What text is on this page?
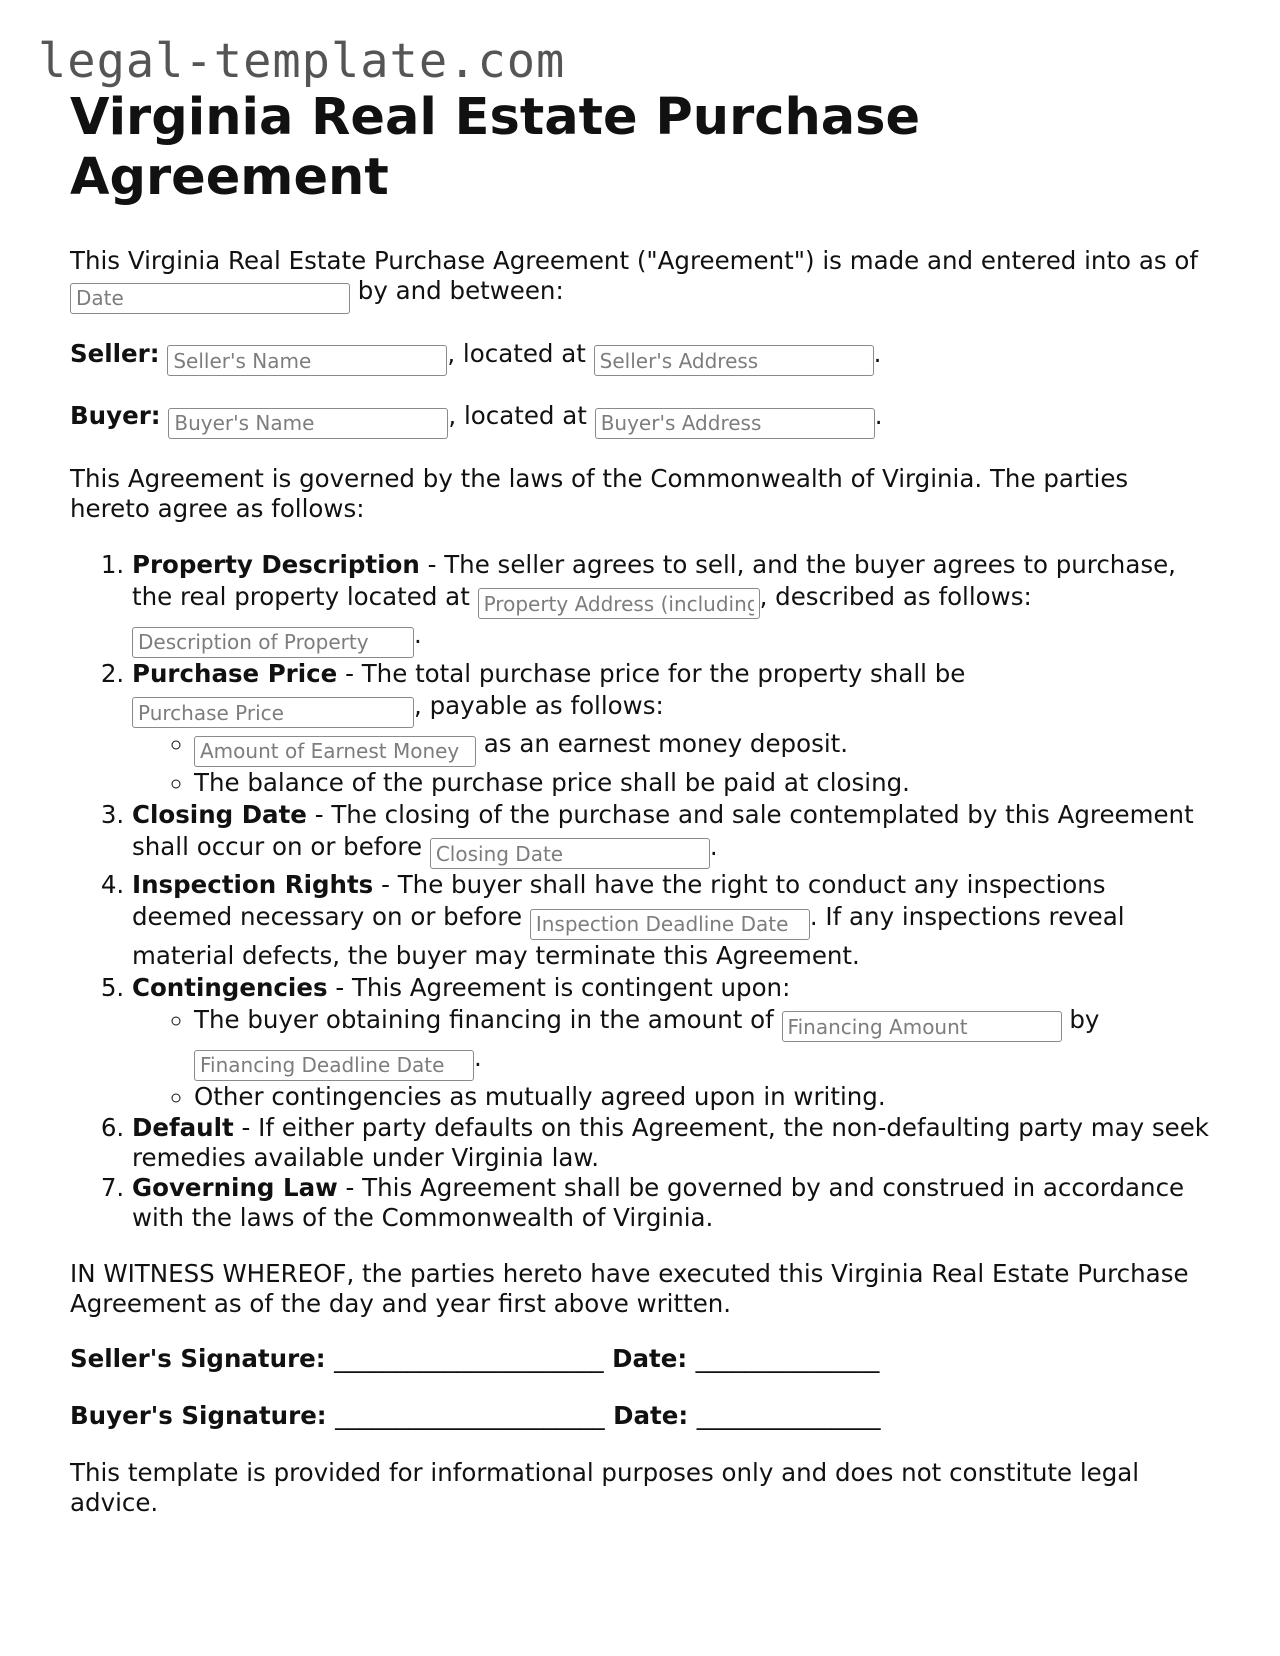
legal-template.com
Virginia Real Estate Purchase Agreement

This Virginia Real Estate Purchase Agreement ("Agreement") is made and entered into as of Date by and between:

Seller: Seller's Name	, located at Seller's Address	.

Buyer: Buyer's Name	, located at Buyer's Address	.

This Agreement is governed by the laws of the Commonwealth of Virginia. The parties hereto agree as follows:

1. Property Description - The seller agrees to sell, and the buyer agrees to purchase, the real property located at Property Address (including city, state, and zip code)	, described as follows: Description of Property.
2. Purchase Price - The total purchase price for the property shall be Purchase Price, payable as follows:
Amount of Earnest Money ◦ as an earnest money deposit.
◦ The balance of the purchase price shall be paid at closing.
3. Closing Date - The closing of the purchase and sale contemplated by this Agreement shall occur on or before Closing Date	.
4. Inspection Rights - The buyer shall have the right to conduct any inspections deemed necessary on or before Inspection Deadline Date	. If any inspections reveal material defects, the buyer may terminate this Agreement.
5. Contingencies - This Agreement is contingent upon:
◦ The buyer obtaining financing in the amount of Financing Amount	by Financing Deadline Date.
◦ Other contingencies as mutually agreed upon in writing.
6. Default - If either party defaults on this Agreement, the non-defaulting party may seek remedies available under Virginia law.
7. Governing Law - This Agreement shall be governed by and construed in accordance with the laws of the Commonwealth of Virginia.

IN WITNESS WHEREOF, the parties hereto have executed this Virginia Real Estate Purchase Agreement as of the day and year first above written.

Seller's Signature: ______________________ Date: _______________

Buyer's Signature: ______________________ Date: _______________

This template is provided for informational purposes only and does not constitute legal advice.
